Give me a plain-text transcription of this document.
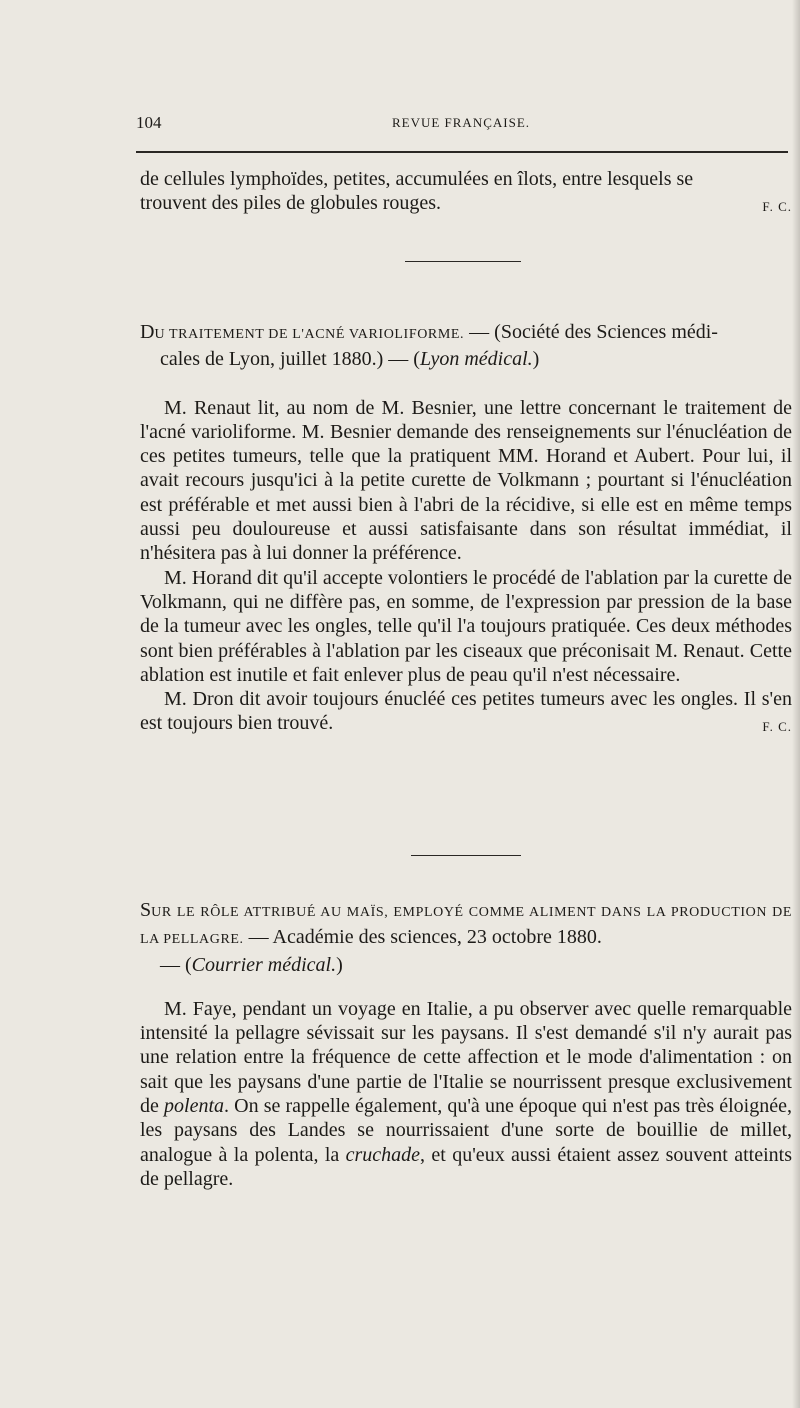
104	REVUE FRANÇAISE.

de cellules lymphoïdes, petites, accumulées en îlots, entre lesquels se
trouvent des piles de globules rouges.	F. C.

DU TRAITEMENT DE L'ACNÉ VARIOLIFORME. — (Société des Sciences médi-
cales de Lyon, juillet 1880.) — (Lyon médical.)

M. Renaut lit, au nom de M. Besnier, une lettre concernant le traitement de l'acné varioliforme. M. Besnier demande des renseignements sur l'énucléation de ces petites tumeurs, telle que la pratiquent MM. Horand et Aubert. Pour lui, il avait recours jusqu'ici à la petite curette de Volkmann ; pourtant si l'énucléation est préférable et met aussi bien à l'abri de la récidive, si elle est en même temps aussi peu douloureuse et aussi satisfaisante dans son résultat immédiat, il n'hésitera pas à lui donner la préférence.

M. Horand dit qu'il accepte volontiers le procédé de l'ablation par la curette de Volkmann, qui ne diffère pas, en somme, de l'expression par pression de la base de la tumeur avec les ongles, telle qu'il l'a toujours pratiquée. Ces deux méthodes sont bien préférables à l'ablation par les ciseaux que préconisait M. Renaut. Cette ablation est inutile et fait enlever plus de peau qu'il n'est nécessaire.

M. Dron dit avoir toujours énucléé ces petites tumeurs avec les ongles. Il s'en est toujours bien trouvé.	F. C.

SUR LE RÔLE ATTRIBUÉ AU MAÏS, EMPLOYÉ COMME ALIMENT DANS LA PRODUCTION DE LA PELLAGRE. — Académie des sciences, 23 octobre 1880.
— (Courrier médical.)

M. Faye, pendant un voyage en Italie, a pu observer avec quelle remarquable intensité la pellagre sévissait sur les paysans. Il s'est demandé s'il n'y aurait pas une relation entre la fréquence de cette affection et le mode d'alimentation : on sait que les paysans d'une partie de l'Italie se nourrissent presque exclusivement de polenta. On se rappelle également, qu'à une époque qui n'est pas très éloignée, les paysans des Landes se nourrissaient d'une sorte de bouillie de millet, analogue à la polenta, la cruchade, et qu'eux aussi étaient assez souvent atteints de pellagre.
